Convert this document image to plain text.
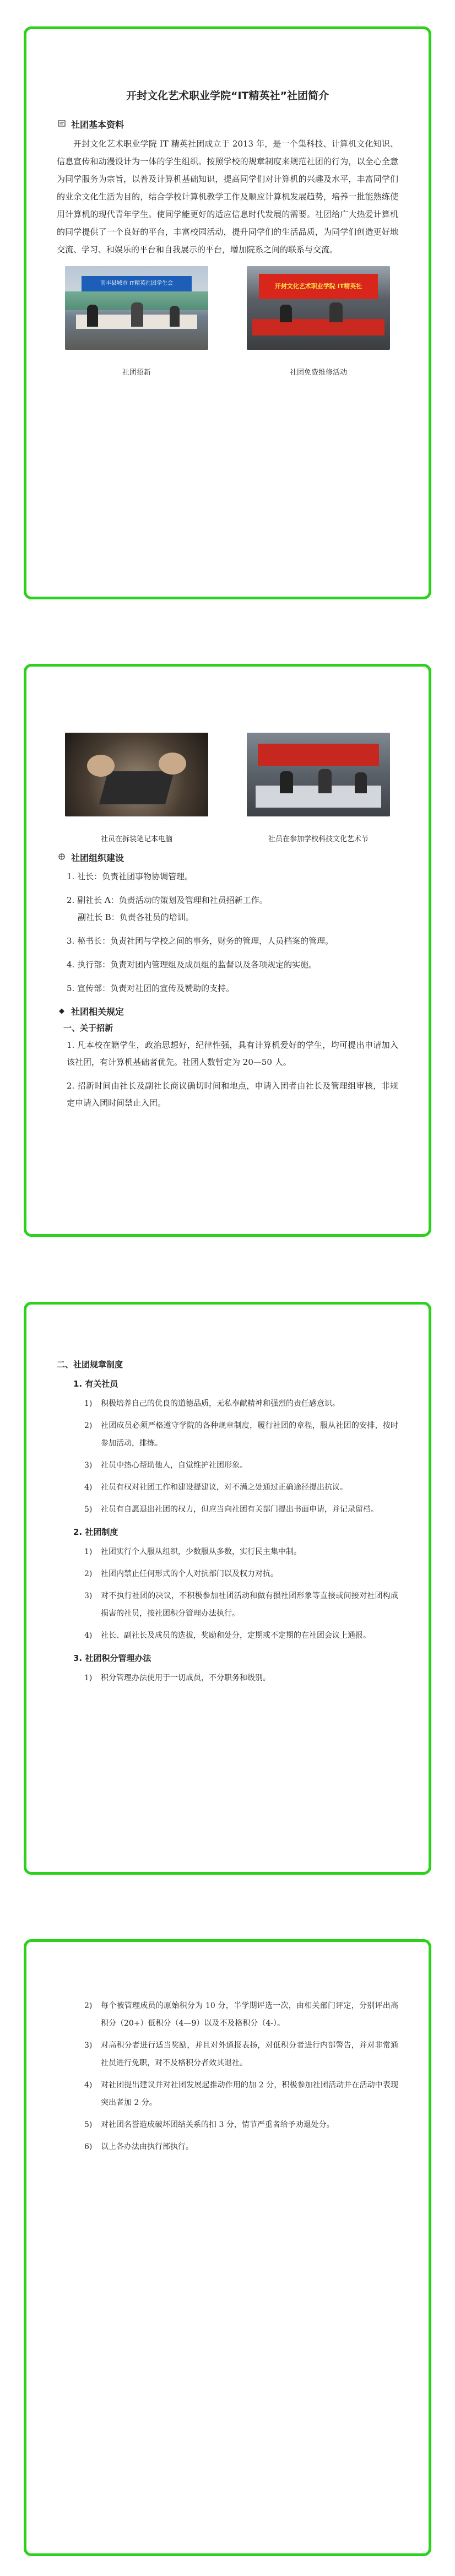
开封文化艺术职业学院“IT精英社”社团简介
社团基本资料

开封文化艺术职业学院 IT 精英社团成立于 2013 年，是一个集科技、计算机文化知识、信息宣传和动漫设计为一体的学生组织。按照学校的规章制度来规范社团的行为，以全心全意为同学服务为宗旨，以普及计算机基础知识，提高同学们对计算机的兴趣及水平，丰富同学们的业余文化生活为目的，结合学校计算机教学工作及顺应计算机发展趋势，培养一批能熟练使用计算机的现代青年学生。使同学能更好的适应信息时代发展的需要。社团给广大热爱计算机的同学提供了一个良好的平台，丰富校园活动，提升同学们的生活品质，为同学们创造更好地交流、学习、和娱乐的平台和自我展示的平台，增加院系之间的联系与交流。

南丰县城市 IT精英社团学生会
社团招新
开封文化艺术职业学院 IT精英社
社团免费维修活动
社员在拆装笔记本电脑	社员在参加学校科技文化艺术节
社团组织建设
1. 社长：负责社团事物协调管理。
2. 副社长 A：负责活动的策划及管理和社员招新工作。
副社长 B：负责各社员的培训。
3. 秘书长：负责社团与学校之间的事务，财务的管理，人员档案的管理。
4. 执行部：负责对团内管理组及成员组的监督以及各项规定的实施。
5. 宣传部：负责对社团的宣传及赞助的支持。
◆ 社团相关规定
一、关于招新
1. 凡本校在籍学生，政治思想好，纪律性强，具有计算机爱好的学生，均可提出申请加入该社团，有计算机基础者优先。社团人数暂定为 20—50 人。
2. 招新时间由社长及副社长商议确切时间和地点，申请入团者由社长及管理组审核，非规定申请入团时间禁止入团。
二、社团规章制度
1. 有关社员
1)	积极培养自己的优良的道德品质，无私奉献精神和强烈的责任感意识。
2)	社团成员必须严格遵守学院的各种规章制度，履行社团的章程，服从社团的安排，按时参加活动，排练。
3)	社员中热心帮助他人，自觉维护社团形象。
4)	社员有权对社团工作和建设提建议，对不满之处通过正确途径提出抗议。
5)	社员有自愿退出社团的权力，但应当向社团有关部门提出书面申请，并记录留档。
2. 社团制度
1)	社团实行个人服从组织，少数服从多数，实行民主集中制。
2)	社团内禁止任何形式的个人对抗部门以及权力对抗。
3)	对不执行社团的决议，不积极参加社团活动和做有损社团形象等直接或间接对社团构成损害的社员，按社团积分管理办法执行。
4)	社长、副社长及成员的选拔，奖励和处分，定期或不定期的在社团会议上通报。
3. 社团积分管理办法
1)	积分管理办法使用于一切成员，不分职务和级别。
2)	每个被管理成员的原始积分为 10 分，半学期评选一次，由相关部门评定，分别评出高积分（20+）低积分（4—9）以及不及格积分（4-）。
3)	对高积分者进行适当奖励，并且对外通报表扬，对低积分者进行内部警告，并对非常通社员进行免职，对不及格积分者效其退社。
4)	对社团提出建议并对社团发展起推动作用的加 2 分，积极参加社团活动并在活动中表现突出者加 2 分。
5)	对社团名誉造成破坏团结关系的扣 3 分，情节严重者给予劝退处分。
6)	以上各办法由执行部执行。
